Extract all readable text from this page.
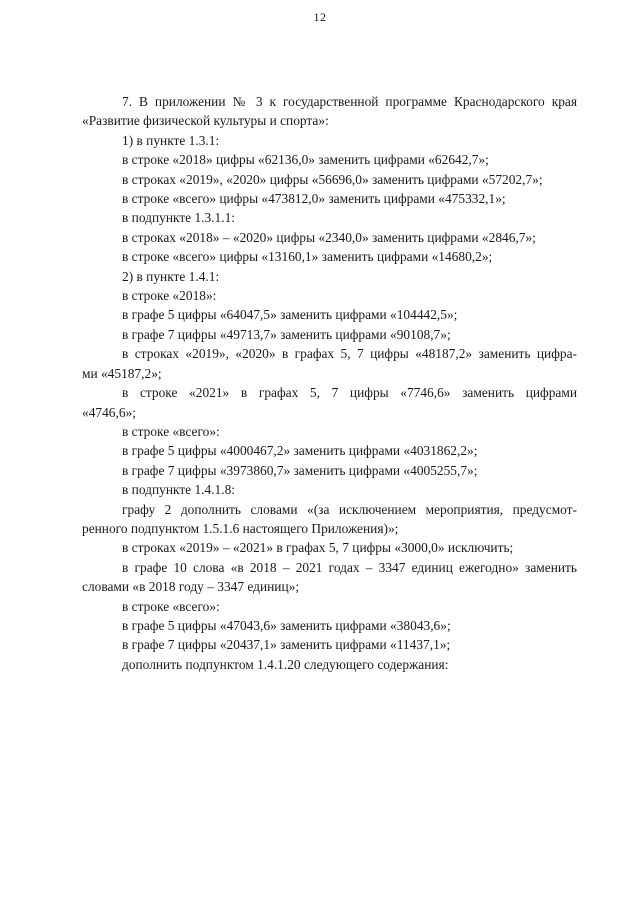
12
7. В приложении № 3 к государственной программе Краснодарского края
«Развитие физической культуры и спорта»:
1) в пункте 1.3.1:
в строке «2018» цифры «62136,0» заменить цифрами «62642,7»;
в строках «2019», «2020» цифры «56696,0» заменить цифрами «57202,7»;
в строке «всего» цифры «473812,0» заменить цифрами «475332,1»;
в подпункте 1.3.1.1:
в строках «2018» – «2020» цифры «2340,0» заменить цифрами «2846,7»;
в строке «всего» цифры «13160,1» заменить цифрами «14680,2»;
2) в пункте 1.4.1:
в строке «2018»:
в графе 5 цифры «64047,5» заменить цифрами «104442,5»;
в графе 7 цифры «49713,7» заменить цифрами «90108,7»;
в строках «2019», «2020» в графах 5, 7 цифры «48187,2» заменить цифра-
ми «45187,2»;
в строке «2021» в графах 5, 7 цифры «7746,6» заменить цифрами
«4746,6»;
в строке «всего»:
в графе 5 цифры «4000467,2» заменить цифрами «4031862,2»;
в графе 7 цифры «3973860,7» заменить цифрами «4005255,7»;
в подпункте 1.4.1.8:
графу 2 дополнить словами «(за исключением мероприятия, предусмот-
ренного подпунктом 1.5.1.6 настоящего Приложения)»;
в строках «2019» – «2021» в графах 5, 7 цифры «3000,0» исключить;
в графе 10 слова «в 2018 – 2021 годах – 3347 единиц ежегодно» заменить
словами «в 2018 году – 3347 единиц»;
в строке «всего»:
в графе 5 цифры «47043,6» заменить цифрами «38043,6»;
в графе 7 цифры «20437,1» заменить цифрами «11437,1»;
дополнить подпунктом 1.4.1.20 следующего содержания:
